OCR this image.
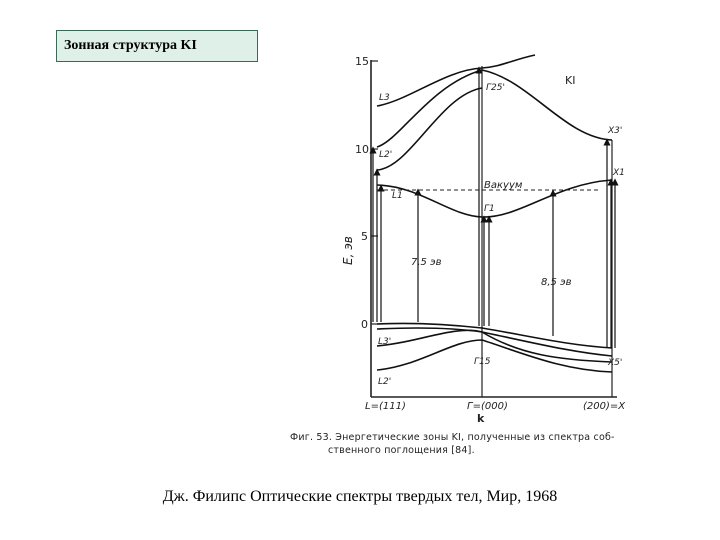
Зонная структура KI
15
10
5
0
E, эв
Вакуум
7,5 эв
8,5 эв
KI
L3
Γ25'
X3'
L2'
X1
L1
Γ1
L3'
Γ15	X5'
L2'
k
L=(111)	Γ=(000)	(200)=X
Фиг. 53. Энергетические зоны KI, полученные из спектра соб-
ственного поглощения [84].
Дж. Филипс Оптические спектры твердых тел, Мир, 1968
